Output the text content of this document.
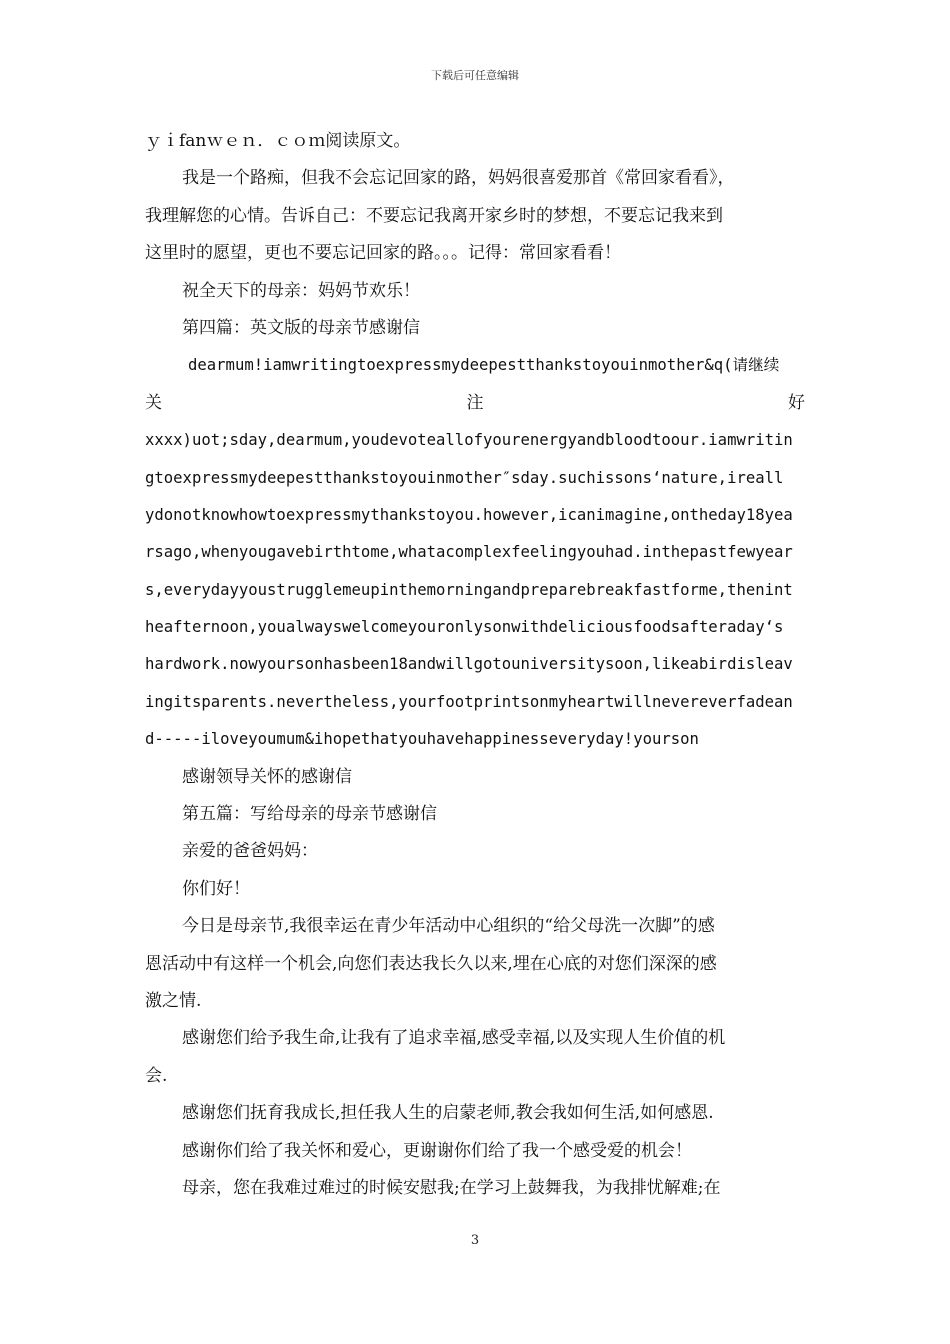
下载后可任意编辑
ｙｉfanｗｅｎ．ｃｏｍ阅读原文。
我是一个路痴，但我不会忘记回家的路，妈妈很喜爱那首《常回家看看》，
我理解您的心情。告诉自己：不要忘记我离开家乡时的梦想，不要忘记我来到
这里时的愿望，更也不要忘记回家的路。。。记得：常回家看看！
祝全天下的母亲：妈妈节欢乐！
第四篇：英文版的母亲节感谢信
dearmum!iamwritingtoexpressmydeepestthankstoyouinmother&q(请继续
关	注	好
xxxx)uot;sday,dearmum,youdevoteallofyourenergyandbloodtoour.iamwritin
gtoexpressmydeepestthankstoyouinmother″sday.suchissons‘nature,ireall
ydonotknowhowtoexpressmythankstoyou.however,icanimagine,ontheday18yea
rsago,whenyougavebirthtome,whatacomplexfeelingyouhad.inthepastfewyear
s,everydayyoustrugglemeupinthemorningandpreparebreakfastforme,thenint
heafternoon,youalwayswelcomeyouronlysonwithdeliciousfoodsafteraday‘s
hardwork.nowyoursonhasbeen18andwillgotouniversitysoon,likeabirdisleav
ingitsparents.nevertheless,yourfootprintsonmyheartwillnevereverfadean
d-----iloveyoumum&ihopethatyouhavehappinesseveryday!yourson
感谢领导关怀的感谢信
第五篇：写给母亲的母亲节感谢信
亲爱的爸爸妈妈：
你们好！
今日是母亲节,我很幸运在青少年活动中心组织的“给父母洗一次脚”的感
恩活动中有这样一个机会,向您们表达我长久以来,埋在心底的对您们深深的感
激之情.
感谢您们给予我生命,让我有了追求幸福,感受幸福,以及实现人生价值的机
会.
感谢您们抚育我成长,担任我人生的启蒙老师,教会我如何生活,如何感恩.
感谢你们给了我关怀和爱心，更谢谢你们给了我一个感受爱的机会！
母亲，您在我难过难过的时候安慰我;在学习上鼓舞我，为我排忧解难;在
3
